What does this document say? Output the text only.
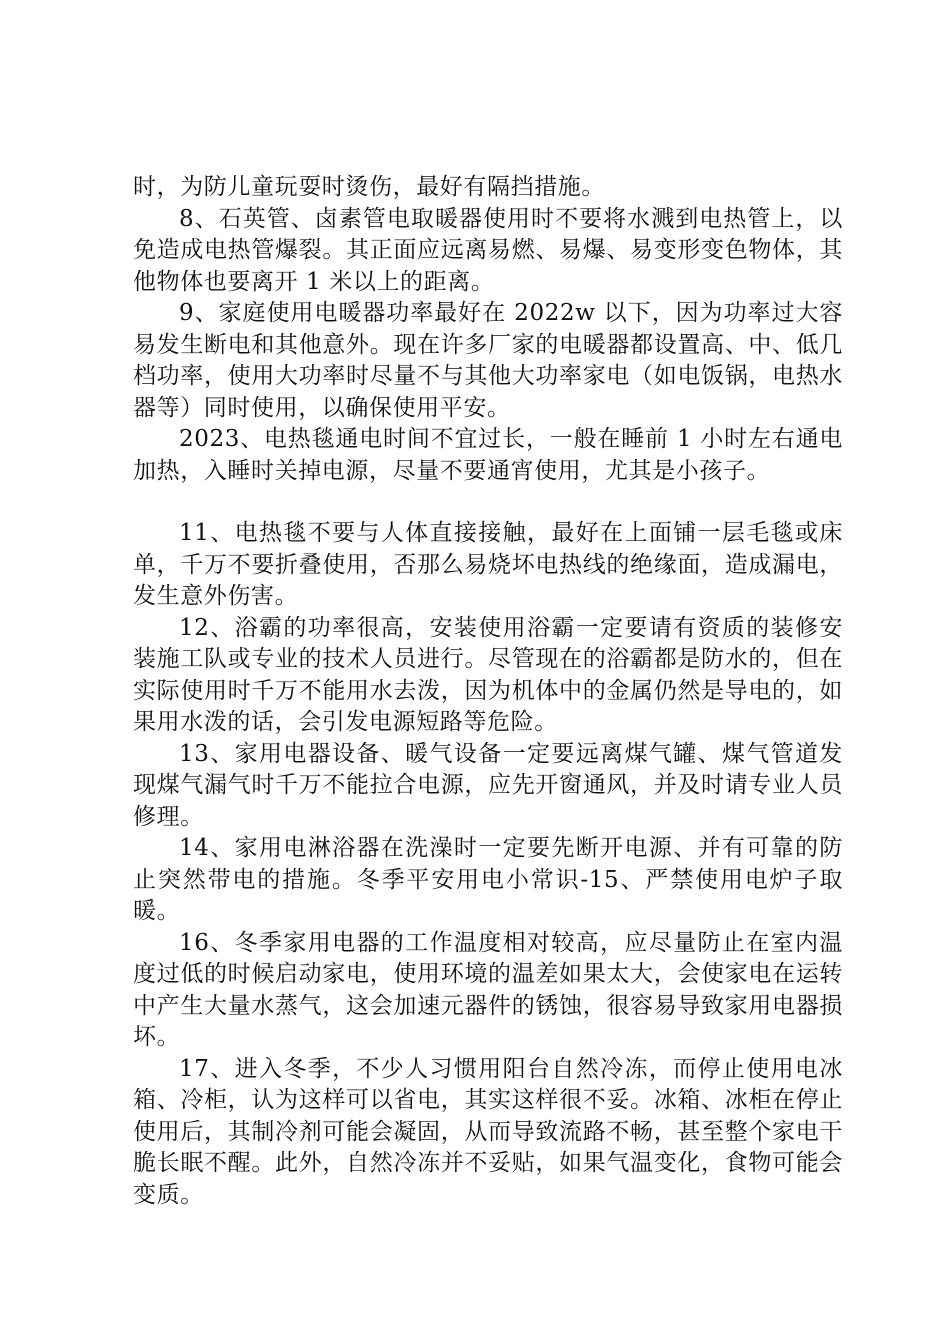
时，为防儿童玩耍时烫伤，最好有隔挡措施。

8、石英管、卤素管电取暖器使用时不要将水溅到电热管上，以免造成电热管爆裂。其正面应远离易燃、易爆、易变形变色物体，其他物体也要离开 1 米以上的距离。

9、家庭使用电暖器功率最好在 2022w 以下，因为功率过大容易发生断电和其他意外。现在许多厂家的电暖器都设置高、中、低几档功率，使用大功率时尽量不与其他大功率家电（如电饭锅，电热水器等）同时使用，以确保使用平安。

2023、电热毯通电时间不宜过长，一般在睡前 1 小时左右通电加热，入睡时关掉电源，尽量不要通宵使用，尤其是小孩子。

11、电热毯不要与人体直接接触，最好在上面铺一层毛毯或床单，千万不要折叠使用，否那么易烧坏电热线的绝缘面，造成漏电，发生意外伤害。

12、浴霸的功率很高，安装使用浴霸一定要请有资质的装修安装施工队或专业的技术人员进行。尽管现在的浴霸都是防水的，但在实际使用时千万不能用水去泼，因为机体中的金属仍然是导电的，如果用水泼的话，会引发电源短路等危险。

13、家用电器设备、暖气设备一定要远离煤气罐、煤气管道发现煤气漏气时千万不能拉合电源，应先开窗通风，并及时请专业人员修理。

14、家用电淋浴器在洗澡时一定要先断开电源、并有可靠的防止突然带电的措施。冬季平安用电小常识-15、严禁使用电炉子取暖。

16、冬季家用电器的工作温度相对较高，应尽量防止在室内温度过低的时候启动家电，使用环境的温差如果太大，会使家电在运转中产生大量水蒸气，这会加速元器件的锈蚀，很容易导致家用电器损坏。

17、进入冬季，不少人习惯用阳台自然冷冻，而停止使用电冰箱、冷柜，认为这样可以省电，其实这样很不妥。冰箱、冰柜在停止使用后，其制冷剂可能会凝固，从而导致流路不畅，甚至整个家电干脆长眠不醒。此外，自然冷冻并不妥贴，如果气温变化，食物可能会变质。
